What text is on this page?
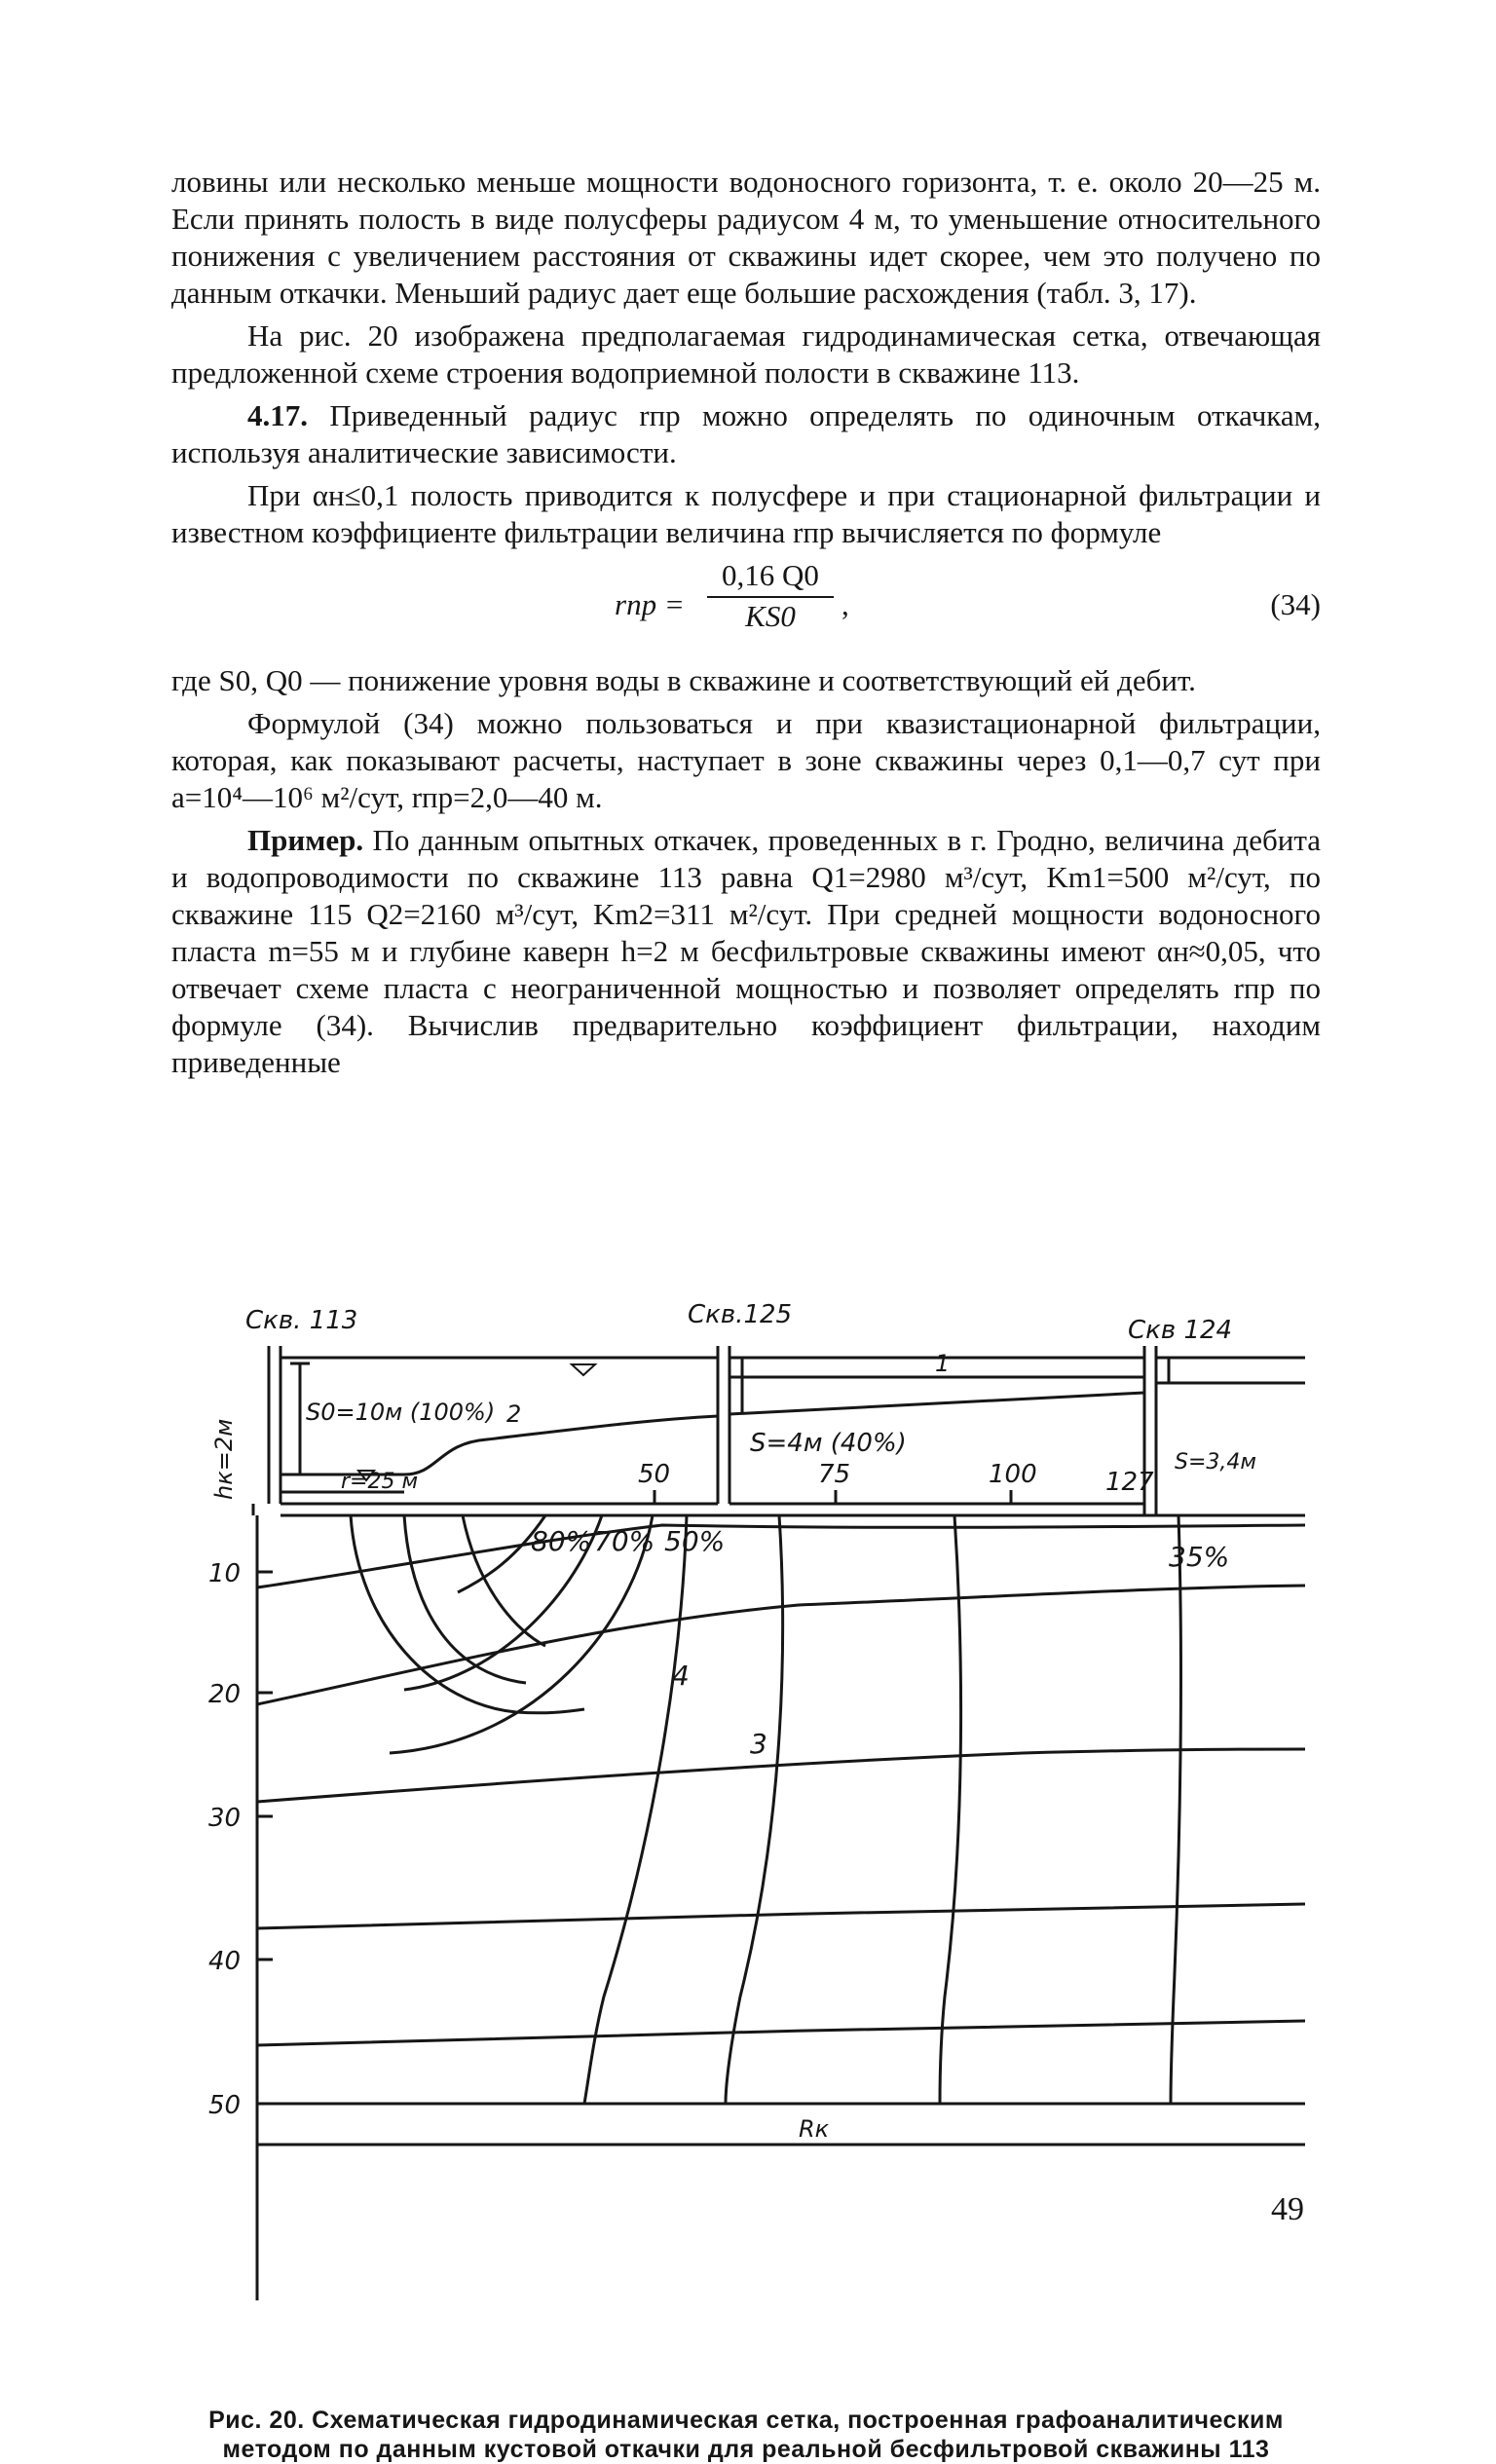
ловины или несколько меньше мощности водоносного горизонта, т. е. около 20—25 м. Если принять полость в виде полусферы радиусом 4 м, то уменьшение относительного понижения с увеличением расстояния от скважины идет скорее, чем это получено по данным откачки. Меньший радиус дает еще большие расхождения (табл. 3, 17).

На рис. 20 изображена предполагаемая гидродинамическая сетка, отвечающая предложенной схеме строения водоприемной полости в скважине 113.

4.17. Приведенный радиус rпр можно определять по одиночным откачкам, используя аналитические зависимости.

При αн≤0,1 полость приводится к полусфере и при стационарной фильтрации и известном коэффициенте фильтрации величина rпр вычисляется по формуле

rпр = $\frac{0,16 Q0}{KS0}$ ,	(34)

где S0, Q0 — понижение уровня воды в скважине и соответствующий ей дебит.

Формулой (34) можно пользоваться и при квазистационарной фильтрации, которая, как показывают расчеты, наступает в зоне скважины через 0,1—0,7 сут при a=10⁴—10⁶ м²/сут, rпр=2,0—40 м.

Пример. По данным опытных откачек, проведенных в г. Гродно, величина дебита и водопроводимости по скважине 113 равна Q1=2980 м³/сут, Km1=500 м²/сут, по скважине 115 Q2=2160 м³/сут, Km2=311 м²/сут. При средней мощности водоносного пласта m=55 м и глубине каверн h=2 м бесфильтровые скважины имеют αн≈0,05, что отвечает схеме пласта с неограниченной мощностью и позволяет определять rпр по формуле (34). Вычислив предварительно коэффициент фильтрации, находим приведенные

Скв. 113	Скв.125
Скв 124
hк=2м
S0=10м (100%) 2
r=25 м
S=4м (40%)
S=3,4м
1
3
4
Rк
50	75	100	127
80% 70% 50%	35%
10
20
30
40
50
Рис. 20. Схематическая гидродинамическая сетка, построенная графоаналитическим методом по данным кустовой откачки для реальной бесфильтровой скважины 113
49
